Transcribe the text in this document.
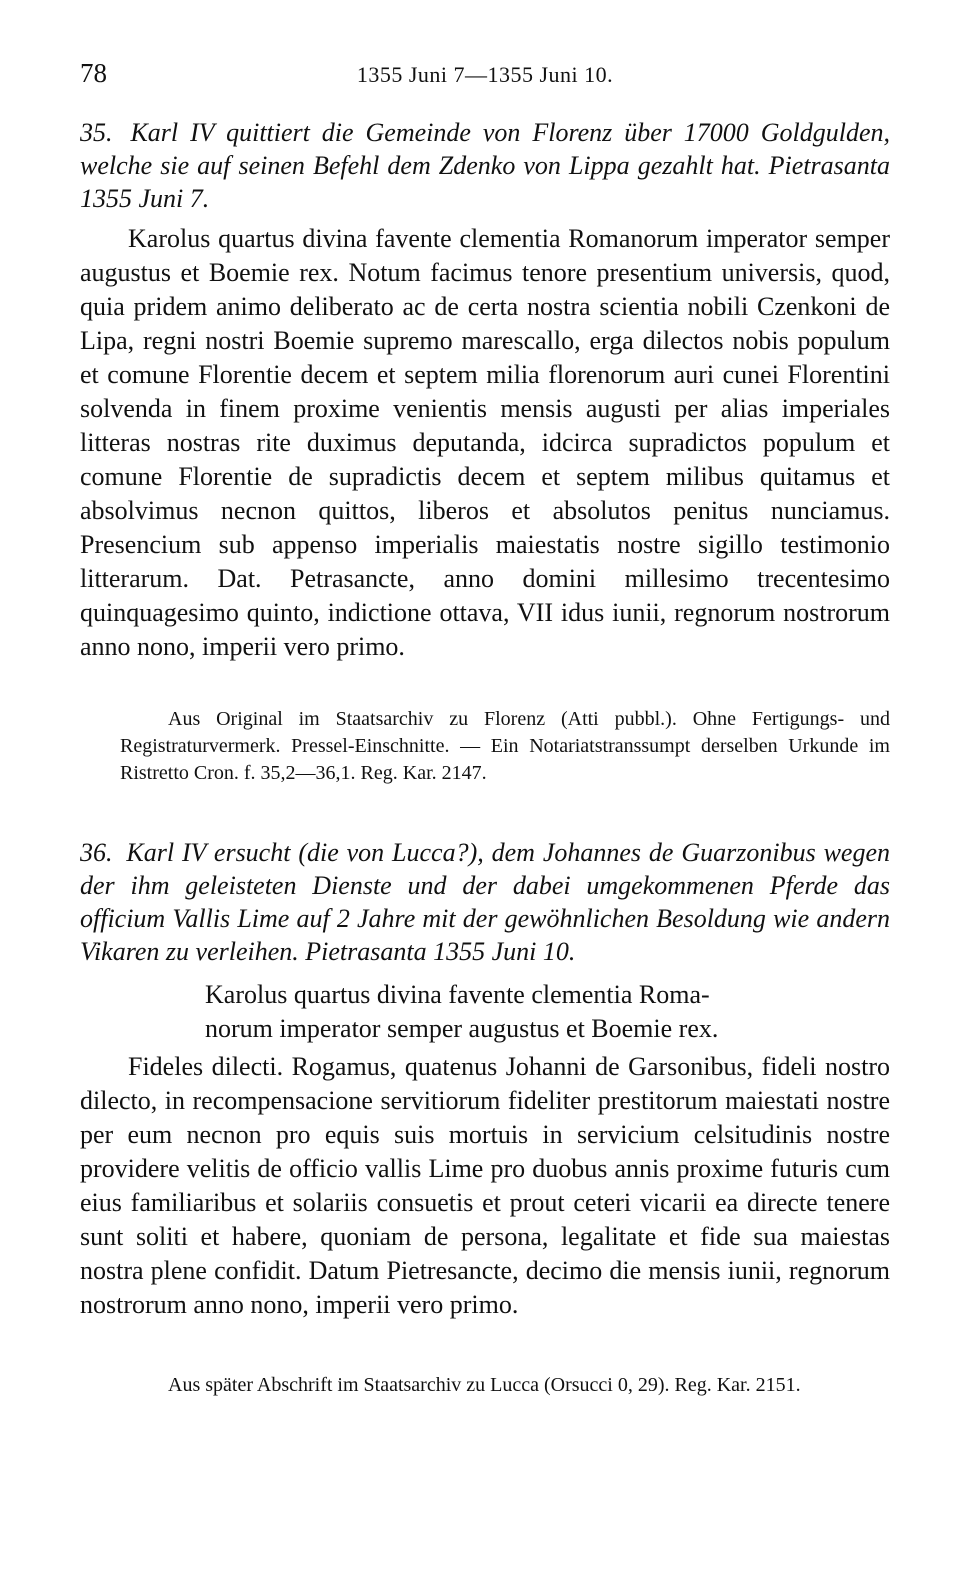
78	1355 Juni 7—1355 Juni 10.

35. Karl IV quittiert die Gemeinde von Florenz über 17000 Goldgulden, welche sie auf seinen Befehl dem Zdenko von Lippa gezahlt hat. Pietrasanta 1355 Juni 7.

Karolus quartus divina favente clementia Romanorum imperator semper augustus et Boemie rex. Notum facimus tenore presentium universis, quod, quia pridem animo deliberato ac de certa nostra scientia nobili Czenkoni de Lipa, regni nostri Boemie supremo marescallo, erga dilectos nobis populum et comune Florentie decem et septem milia florenorum auri cunei Florentini solvenda in finem proxime venientis mensis augusti per alias imperiales litteras nostras rite duximus deputanda, idcirca supradictos populum et comune Florentie de supradictis decem et septem milibus quitamus et absolvimus necnon quittos, liberos et absolutos penitus nunciamus. Presencium sub appenso imperialis maiestatis nostre sigillo testimonio litterarum. Dat. Petrasancte, anno domini millesimo trecentesimo quinquagesimo quinto, indictione ottava, VII idus iunii, regnorum nostrorum anno nono, imperii vero primo.

Aus Original im Staatsarchiv zu Florenz (Atti pubbl.). Ohne Fertigungs- und Registraturvermerk. Pressel-Einschnitte. — Ein Notariatstranssumpt derselben Urkunde im Ristretto Cron. f. 35,2—36,1. Reg. Kar. 2147.

36. Karl IV ersucht (die von Lucca?), dem Johannes de Guarzonibus wegen der ihm geleisteten Dienste und der dabei umgekommenen Pferde das officium Vallis Lime auf 2 Jahre mit der gewöhnlichen Besoldung wie andern Vikaren zu verleihen. Pietrasanta 1355 Juni 10.

Karolus quartus divina favente clementia Roma-

norum imperator semper augustus et Boemie rex.

Fideles dilecti. Rogamus, quatenus Johanni de Garsonibus, fideli nostro dilecto, in recompensacione servitiorum fideliter prestitorum maiestati nostre per eum necnon pro equis suis mortuis in servicium celsitudinis nostre providere velitis de officio vallis Lime pro duobus annis proxime futuris cum eius familiaribus et solariis consuetis et prout ceteri vicarii ea directe tenere sunt soliti et habere, quoniam de persona, legalitate et fide sua maiestas nostra plene confidit. Datum Pietresancte, decimo die mensis iunii, regnorum nostrorum anno nono, imperii vero primo.

Aus später Abschrift im Staatsarchiv zu Lucca (Orsucci 0, 29). Reg. Kar. 2151.
